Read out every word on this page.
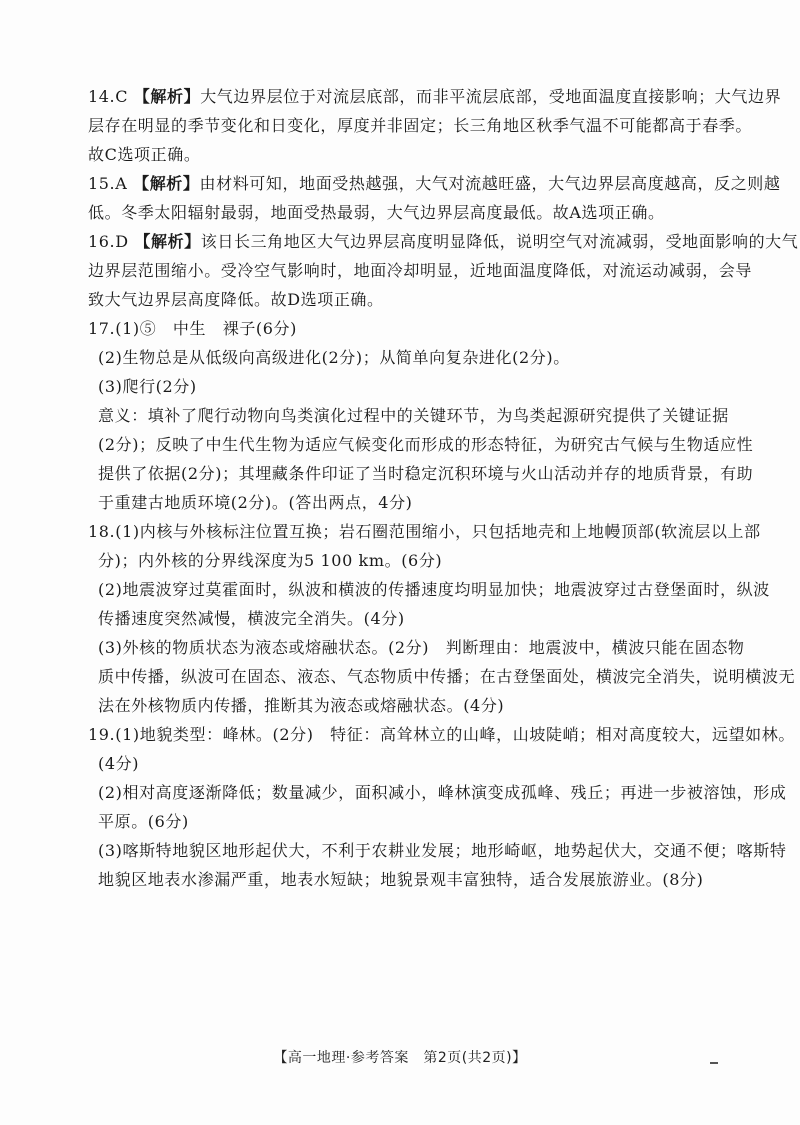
14.C 【解析】大气边界层位于对流层底部，而非平流层底部，受地面温度直接影响；大气边界
层存在明显的季节变化和日变化，厚度并非固定；长三角地区秋季气温不可能都高于春季。
故C选项正确。
15.A 【解析】由材料可知，地面受热越强，大气对流越旺盛，大气边界层高度越高，反之则越
低。冬季太阳辐射最弱，地面受热最弱，大气边界层高度最低。故A选项正确。
16.D 【解析】该日长三角地区大气边界层高度明显降低，说明空气对流减弱，受地面影响的大气
边界层范围缩小。受冷空气影响时，地面冷却明显，近地面温度降低，对流运动减弱，会导
致大气边界层高度降低。故D选项正确。
17.(1)⑤　中生　裸子(6分)
(2)生物总是从低级向高级进化(2分)；从简单向复杂进化(2分)。
(3)爬行(2分)
意义：填补了爬行动物向鸟类演化过程中的关键环节，为鸟类起源研究提供了关键证据
(2分)；反映了中生代生物为适应气候变化而形成的形态特征，为研究古气候与生物适应性
提供了依据(2分)；其埋藏条件印证了当时稳定沉积环境与火山活动并存的地质背景，有助
于重建古地质环境(2分)。(答出两点，4分)
18.(1)内核与外核标注位置互换；岩石圈范围缩小，只包括地壳和上地幔顶部(软流层以上部
分)；内外核的分界线深度为5 100 km。(6分)
(2)地震波穿过莫霍面时，纵波和横波的传播速度均明显加快；地震波穿过古登堡面时，纵波
传播速度突然减慢，横波完全消失。(4分)
(3)外核的物质状态为液态或熔融状态。(2分)　判断理由：地震波中，横波只能在固态物
质中传播，纵波可在固态、液态、气态物质中传播；在古登堡面处，横波完全消失，说明横波无
法在外核物质内传播，推断其为液态或熔融状态。(4分)
19.(1)地貌类型：峰林。(2分)　特征：高耸林立的山峰，山坡陡峭；相对高度较大，远望如林。
(4分)
(2)相对高度逐渐降低；数量减少，面积减小，峰林演变成孤峰、残丘；再进一步被溶蚀，形成
平原。(6分)
(3)喀斯特地貌区地形起伏大，不利于农耕业发展；地形崎岖，地势起伏大，交通不便；喀斯特
地貌区地表水渗漏严重，地表水短缺；地貌景观丰富独特，适合发展旅游业。(8分)
【高一地理·参考答案　第2页(共2页)】
